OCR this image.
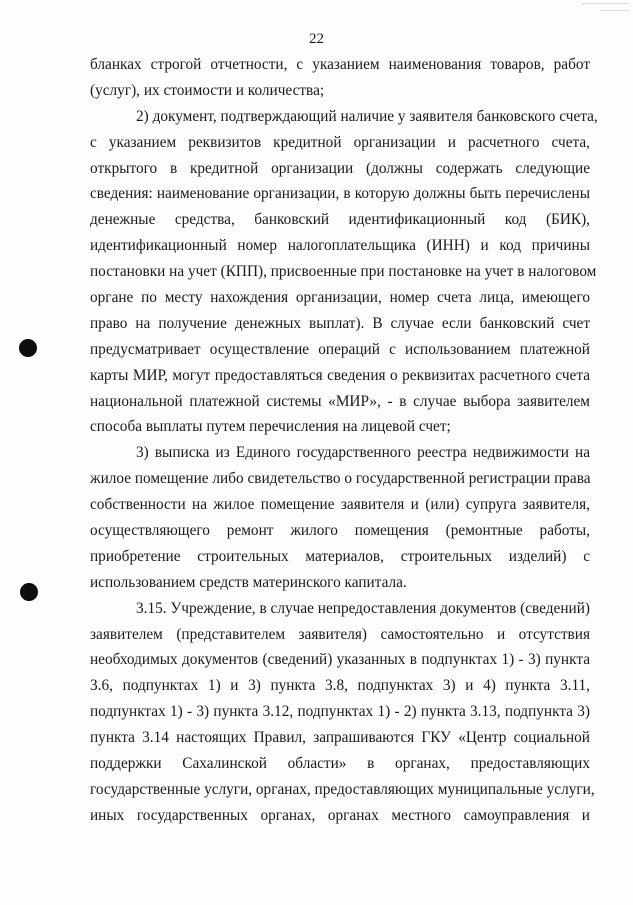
22
бланках строгой отчетности, с указанием наименования товаров, работ
(услуг), их стоимости и количества;
2) документ, подтверждающий наличие у заявителя банковского счета,
с указанием реквизитов кредитной организации и расчетного счета,
открытого в кредитной организации (должны содержать следующие
сведения: наименование организации, в которую должны быть перечислены
денежные средства, банковский идентификационный код (БИК),
идентификационный номер налогоплательщика (ИНН) и код причины
постановки на учет (КПП), присвоенные при постановке на учет в налоговом
органе по месту нахождения организации, номер счета лица, имеющего
право на получение денежных выплат). В случае если банковский счет
предусматривает осуществление операций с использованием платежной
карты МИР, могут предоставляться сведения о реквизитах расчетного счета
национальной платежной системы «МИР», - в случае выбора заявителем
способа выплаты путем перечисления на лицевой счет;
3) выписка из Единого государственного реестра недвижимости на
жилое помещение либо свидетельство о государственной регистрации права
собственности на жилое помещение заявителя и (или) супруга заявителя,
осуществляющего ремонт жилого помещения (ремонтные работы,
приобретение строительных материалов, строительных изделий) с
использованием средств материнского капитала.
3.15. Учреждение, в случае непредоставления документов (сведений)
заявителем (представителем заявителя) самостоятельно и отсутствия
необходимых документов (сведений) указанных в подпунктах 1) - 3) пункта
3.6, подпунктах 1) и 3) пункта 3.8, подпунктах 3) и 4) пункта 3.11,
подпунктах 1) - 3) пункта 3.12, подпунктах 1) - 2) пункта 3.13, подпункта 3)
пункта 3.14 настоящих Правил, запрашиваются ГКУ «Центр социальной
поддержки Сахалинской области» в органах, предоставляющих
государственные услуги, органах, предоставляющих муниципальные услуги,
иных государственных органах, органах местного самоуправления и
